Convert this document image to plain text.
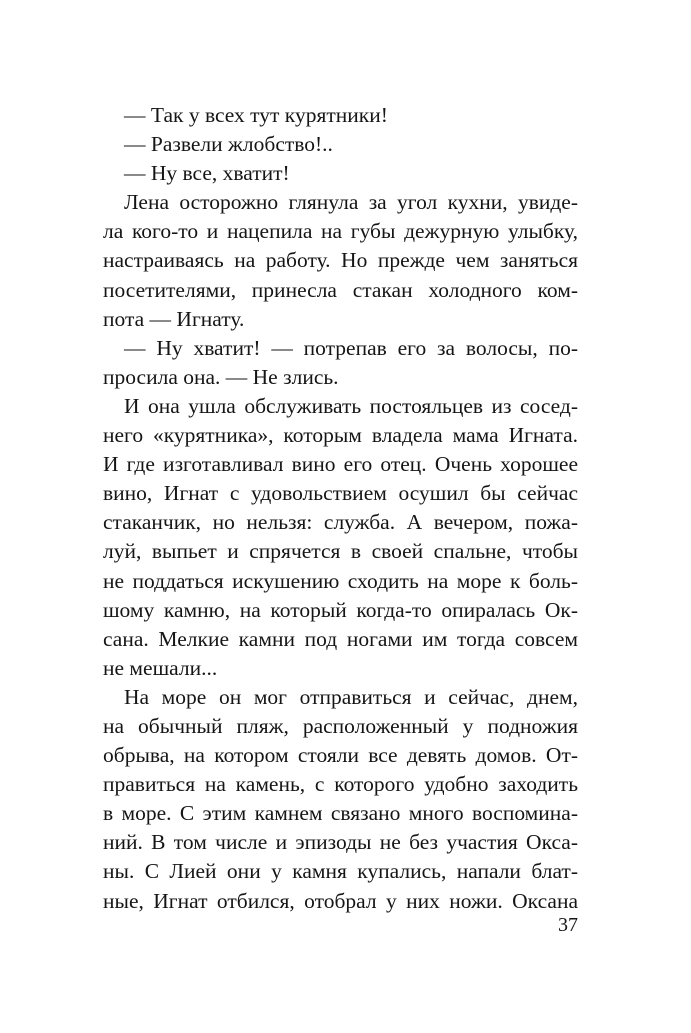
— Так у всех тут курятники!
— Развели жлобство!..
— Ну все, хватит!
Лена осторожно глянула за угол кухни, увиде-
ла кого-то и нацепила на губы дежурную улыбку,
настраиваясь на работу. Но прежде чем заняться
посетителями, принесла стакан холодного ком-
пота — Игнату.
— Ну хватит! — потрепав его за волосы, по-
просила она. — Не злись.
И она ушла обслуживать постояльцев из сосед-
него «курятника», которым владела мама Игната.
И где изготавливал вино его отец. Очень хорошее
вино, Игнат с удовольствием осушил бы сейчас
стаканчик, но нельзя: служба. А вечером, пожа-
луй, выпьет и спрячется в своей спальне, чтобы
не поддаться искушению сходить на море к боль-
шому камню, на который когда-то опиралась Ок-
сана. Мелкие камни под ногами им тогда совсем
не мешали...
На море он мог отправиться и сейчас, днем,
на обычный пляж, расположенный у подножия
обрыва, на котором стояли все девять домов. От-
правиться на камень, с которого удобно заходить
в море. С этим камнем связано много воспомина-
ний. В том числе и эпизоды не без участия Окса-
ны. С Лией они у камня купались, напали блат-
ные, Игнат отбился, отобрал у них ножи. Оксана
37
